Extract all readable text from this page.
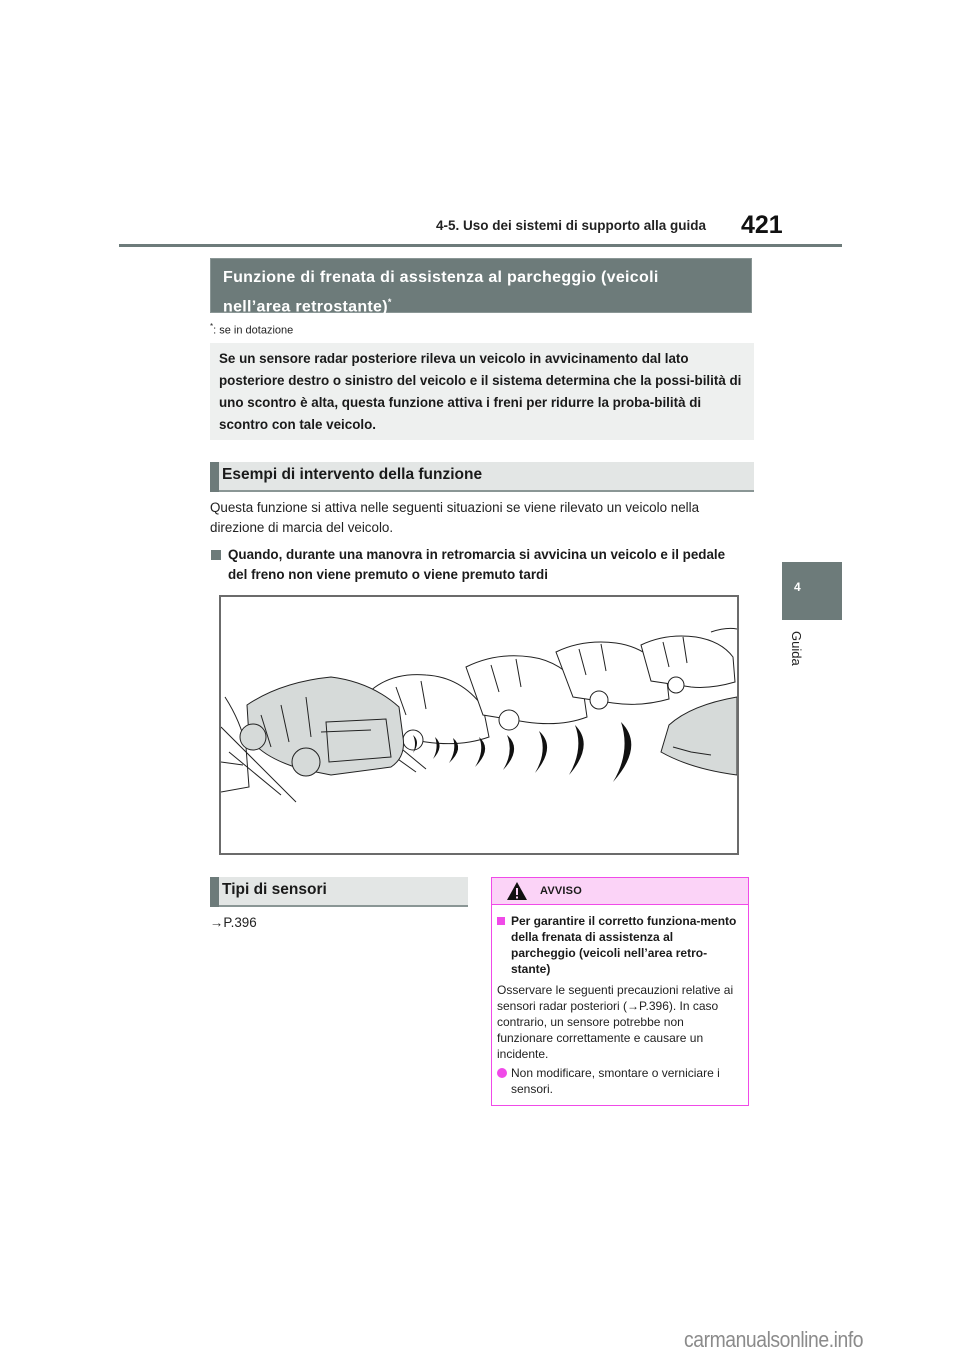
4-5. Uso dei sistemi di supporto alla guida 421
4
Guida
Funzione di frenata di assistenza al parcheggio (veicoli
nell’area retrostante)*
*: se in dotazione

Se un sensore radar posteriore rileva un veicolo in avvicinamento dal lato posteriore destro o sinistro del veicolo e il sistema determina che la possi-bilità di uno scontro è alta, questa funzione attiva i freni per ridurre la proba-bilità di scontro con tale veicolo.

Esempi di intervento della funzione
Questa funzione si attiva nelle seguenti situazioni se viene rilevato un veicolo nella direzione di marcia del veicolo.
Quando, durante una manovra in retromarcia si avvicina un veicolo e il pedale del freno non viene premuto o viene premuto tardi
Tipi di sensori
→P.396
AVVISO
Per garantire il corretto funziona-mento della frenata di assistenza al parcheggio (veicoli nell’area retro-stante)
Osservare le seguenti precauzioni relative ai sensori radar posteriori (→P.396). In caso contrario, un sensore potrebbe non funzionare correttamente e causare un incidente.
Non modificare, smontare o verniciare i sensori.
carmanualsonline.info
